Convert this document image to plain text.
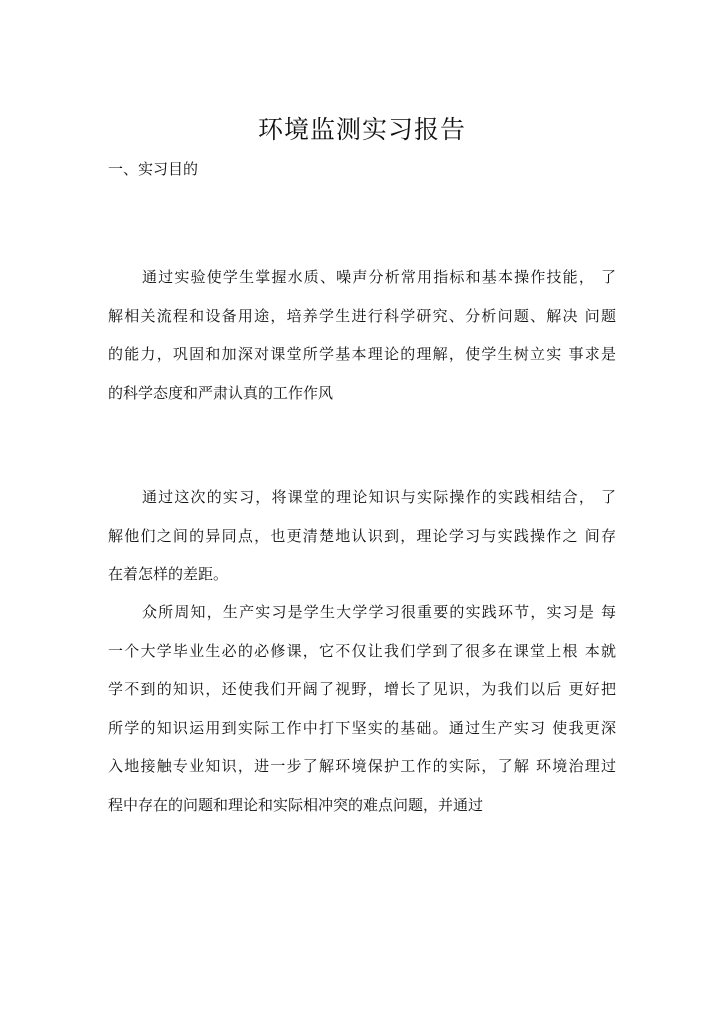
环境监测实习报告
一、实习目的
通过实验使学生掌握水质、噪声分析常用指标和基本操作技能， 了
解相关流程和设备用途，培养学生进行科学研究、分析问题、解决 问题
的能力，巩固和加深对课堂所学基本理论的理解，使学生树立实 事求是
的科学态度和严肃认真的工作作风
通过这次的实习，将课堂的理论知识与实际操作的实践相结合， 了
解他们之间的异同点，也更清楚地认识到，理论学习与实践操作之 间存
在着怎样的差距。
众所周知，生产实习是学生大学学习很重要的实践环节，实习是 每
一个大学毕业生必的必修课，它不仅让我们学到了很多在课堂上根 本就
学不到的知识，还使我们开阔了视野，增长了见识，为我们以后 更好把
所学的知识运用到实际工作中打下坚实的基础。通过生产实习 使我更深
入地接触专业知识，进一步了解环境保护工作的实际，了解 环境治理过
程中存在的问题和理论和实际相冲突的难点问题，并通过
